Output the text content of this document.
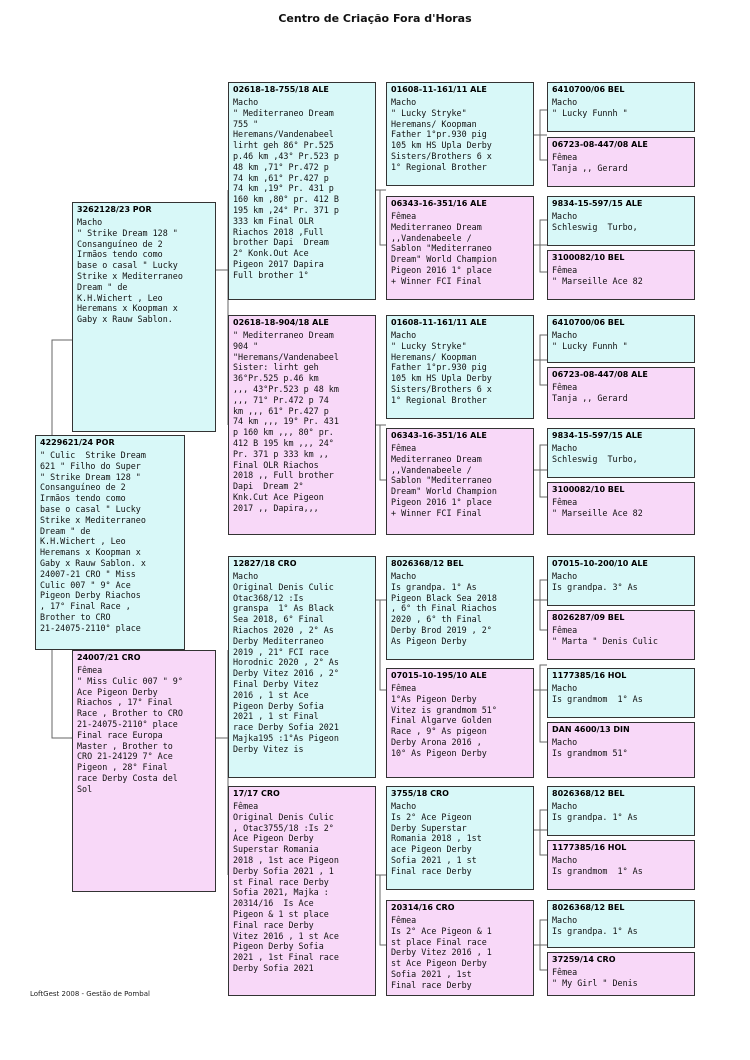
Centro de Criação Fora d'Horas
4229621/24 POR
" Culic  Strike Dream
621 " Filho do Super
" Strike Dream 128 "
Consanguíneo de 2
Irmãos tendo como
base o casal " Lucky
Strike x Mediterraneo
Dream " de
K.H.Wichert , Leo
Heremans x Koopman x
Gaby x Rauw Sablon. x
24007-21 CRO " Miss
Culic 007 " 9° Ace
Pigeon Derby Riachos
, 17° Final Race ,
Brother to CRO
21-24075-2110° place
3262128/23 POR
Macho
" Strike Dream 128 "
Consanguíneo de 2
Irmãos tendo como
base o casal " Lucky
Strike x Mediterraneo
Dream " de
K.H.Wichert , Leo
Heremans x Koopman x
Gaby x Rauw Sablon.
24007/21 CRO
Fêmea
" Miss Culic 007 " 9°
Ace Pigeon Derby
Riachos , 17° Final
Race , Brother to CRO
21-24075-2110° place
Final race Europa
Master , Brother to
CRO 21-24129 7° Ace
Pigeon , 28° Final
race Derby Costa del
Sol
02618-18-755/18 ALE
Macho
" Mediterraneo Dream
755 "
Heremans/Vandenabeel
lirht geh 86° Pr.525
p.46 km ,43° Pr.523 p
48 km ,71° Pr.472 p
74 km ,61° Pr.427 p
74 km ,19° Pr. 431 p
160 km ,80° pr. 412 B
195 km ,24° Pr. 371 p
333 km Final OLR
Riachos 2018 ,Full
brother Dapi  Dream
2° Konk.Out Ace
Pigeon 2017 Dapira
Full brother 1°
02618-18-904/18 ALE
" Mediterraneo Dream
904 "
"Heremans/Vandenabeel
Sister: lirht geh
36°Pr.525 p.46 km
,,, 43°Pr.523 p 48 km
,,, 71° Pr.472 p 74
km ,,, 61° Pr.427 p
74 km ,,, 19° Pr. 431
p 160 km ,,, 80° pr.
412 B 195 km ,,, 24°
Pr. 371 p 333 km ,,
Final OLR Riachos
2018 ,, Full brother
Dapi  Dream 2°
Knk.Cut Ace Pigeon
2017 ,, Dapira,,,
12827/18 CRO
Macho
Original Denis Culic
Otac368/12 :Is
granspa  1° As Black
Sea 2018, 6° Final
Riachos 2020 , 2° As
Derby Mediterraneo
2019 , 21° FCI race
Horodnic 2020 , 2° As
Derby Vitez 2016 , 2°
Final Derby Vitez
2016 , 1 st Ace
Pigeon Derby Sofia
2021 , 1 st Final
race Derby Sofia 2021
Majka195 :1°As Pigeon
Derby Vitez is
17/17 CRO
Fêmea
Original Denis Culic
, Otac3755/18 :Is 2°
Ace Pigeon Derby
Superstar Romania
2018 , 1st ace Pigeon
Derby Sofia 2021 , 1
st Final race Derby
Sofia 2021, Majka :
20314/16  Is Ace
Pigeon & 1 st place
Final race Derby
Vitez 2016 , 1 st Ace
Pigeon Derby Sofia
2021 , 1st Final race
Derby Sofia 2021
01608-11-161/11 ALE
Macho
" Lucky Stryke"
Heremans/ Koopman
Father 1°pr.930 pig
105 km HS Upla Derby
Sisters/Brothers 6 x
1° Regional Brother
06343-16-351/16 ALE
Fêmea
Mediterraneo Dream
,,Vandenabeele /
Sablon "Mediterraneo
Dream" World Champion
Pigeon 2016 1° place
+ Winner FCI Final
01608-11-161/11 ALE
Macho
" Lucky Stryke"
Heremans/ Koopman
Father 1°pr.930 pig
105 km HS Upla Derby
Sisters/Brothers 6 x
1° Regional Brother
06343-16-351/16 ALE
Fêmea
Mediterraneo Dream
,,Vandenabeele /
Sablon "Mediterraneo
Dream" World Champion
Pigeon 2016 1° place
+ Winner FCI Final
8026368/12 BEL
Macho
Is grandpa. 1° As
Pigeon Black Sea 2018
, 6° th Final Riachos
2020 , 6° th Final
Derby Brod 2019 , 2°
As Pigeon Derby
07015-10-195/10 ALE
Fêmea
1°As Pigeon Derby
Vitez is grandmom 51°
Final Algarve Golden
Race , 9° As pigeon
Derby Arona 2016 ,
10° As Pigeon Derby
3755/18 CRO
Macho
Is 2° Ace Pigeon
Derby Superstar
Romania 2018 , 1st
ace Pigeon Derby
Sofia 2021 , 1 st
Final race Derby
20314/16 CRO
Fêmea
Is 2° Ace Pigeon & 1
st place Final race
Derby Vitez 2016 , 1
st Ace Pigeon Derby
Sofia 2021 , 1st
Final race Derby
6410700/06 BEL
Macho
" Lucky Funnh "
06723-08-447/08 ALE
Fêmea
Tanja ,, Gerard
9834-15-597/15 ALE
Macho
Schleswig  Turbo,
3100082/10 BEL
Fêmea
" Marseille Ace 82
6410700/06 BEL
Macho
" Lucky Funnh "
06723-08-447/08 ALE
Fêmea
Tanja ,, Gerard
9834-15-597/15 ALE
Macho
Schleswig  Turbo,
3100082/10 BEL
Fêmea
" Marseille Ace 82
07015-10-200/10 ALE
Macho
Is grandpa. 3° As
8026287/09 BEL
Fêmea
" Marta " Denis Culic
1177385/16 HOL
Macho
Is grandmom  1° As
DAN 4600/13 DIN
Macho
Is grandmom 51°
8026368/12 BEL
Macho
Is grandpa. 1° As
1177385/16 HOL
Macho
Is grandmom  1° As
8026368/12 BEL
Macho
Is grandpa. 1° As
37259/14 CRO
Fêmea
" My Girl " Denis
LoftGest 2008 - Gestão de Pombal
